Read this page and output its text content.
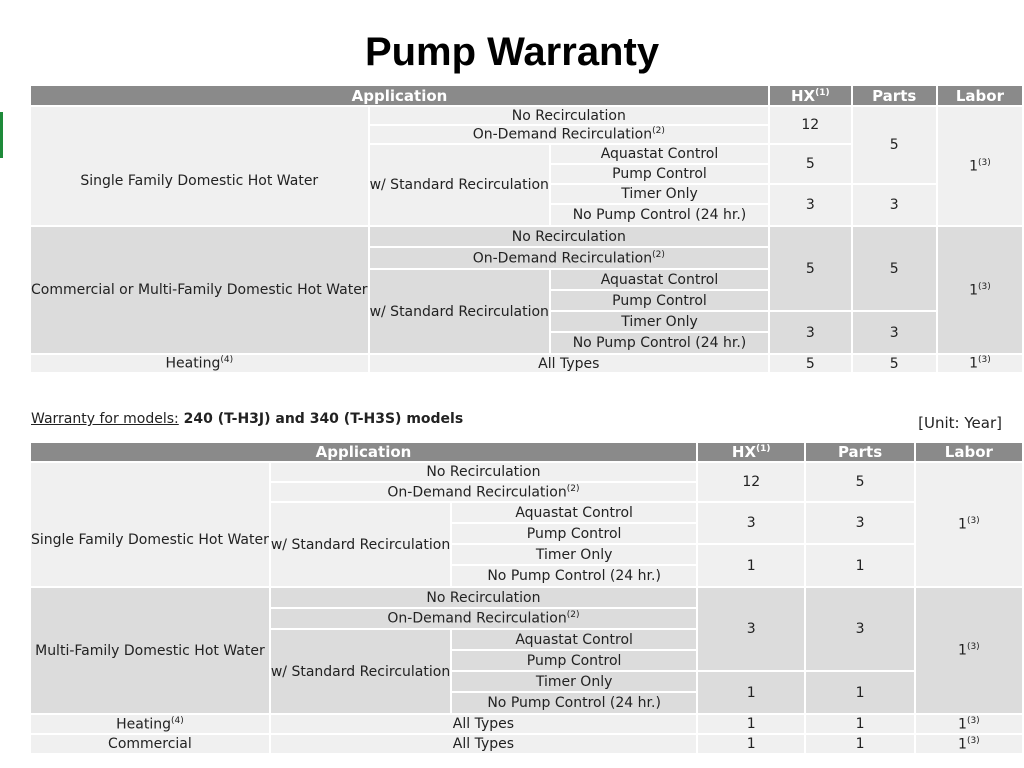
Pump Warranty
Application			HX$^{(1)}$	Parts	Labor
Single Family Domestic Hot Water	No Recirculation		12	5	1$^{(3)}$
	On-Demand Recirculation$^{(2)}$
	w/ Standard Recirculation	Aquastat Control	5		
		Pump Control			
		Timer Only	3	3	
		No Pump Control (24 hr.)			
Commercial or Multi-Family Domestic Hot Water	No Recirculation		5	5	1$^{(3)}$
	On-Demand Recirculation$^{(2)}$
	w/ Standard Recirculation	Aquastat Control			
		Pump Control			
		Timer Only	3	3	
		No Pump Control (24 hr.)			
Heating$^{(4)}$	All Types		5	5	1$^{(3)}$
Warranty for models: 240 (T-H3J) and 340 (T-H3S) models	[Unit: Year]
Application			HX$^{(1)}$	Parts	Labor
Single Family Domestic Hot Water	No Recirculation		12	5	1$^{(3)}$
	On-Demand Recirculation$^{(2)}$
	w/ Standard Recirculation	Aquastat Control	3	3	
		Pump Control			
		Timer Only	1	1	
		No Pump Control (24 hr.)			
Multi-Family Domestic Hot Water	No Recirculation		3	3	1$^{(3)}$
	On-Demand Recirculation$^{(2)}$
	w/ Standard Recirculation	Aquastat Control			
		Pump Control			
		Timer Only	1	1	
		No Pump Control (24 hr.)			
Heating$^{(4)}$	All Types		1	1	1$^{(3)}$
Commercial	All Types		1	1	1$^{(3)}$
